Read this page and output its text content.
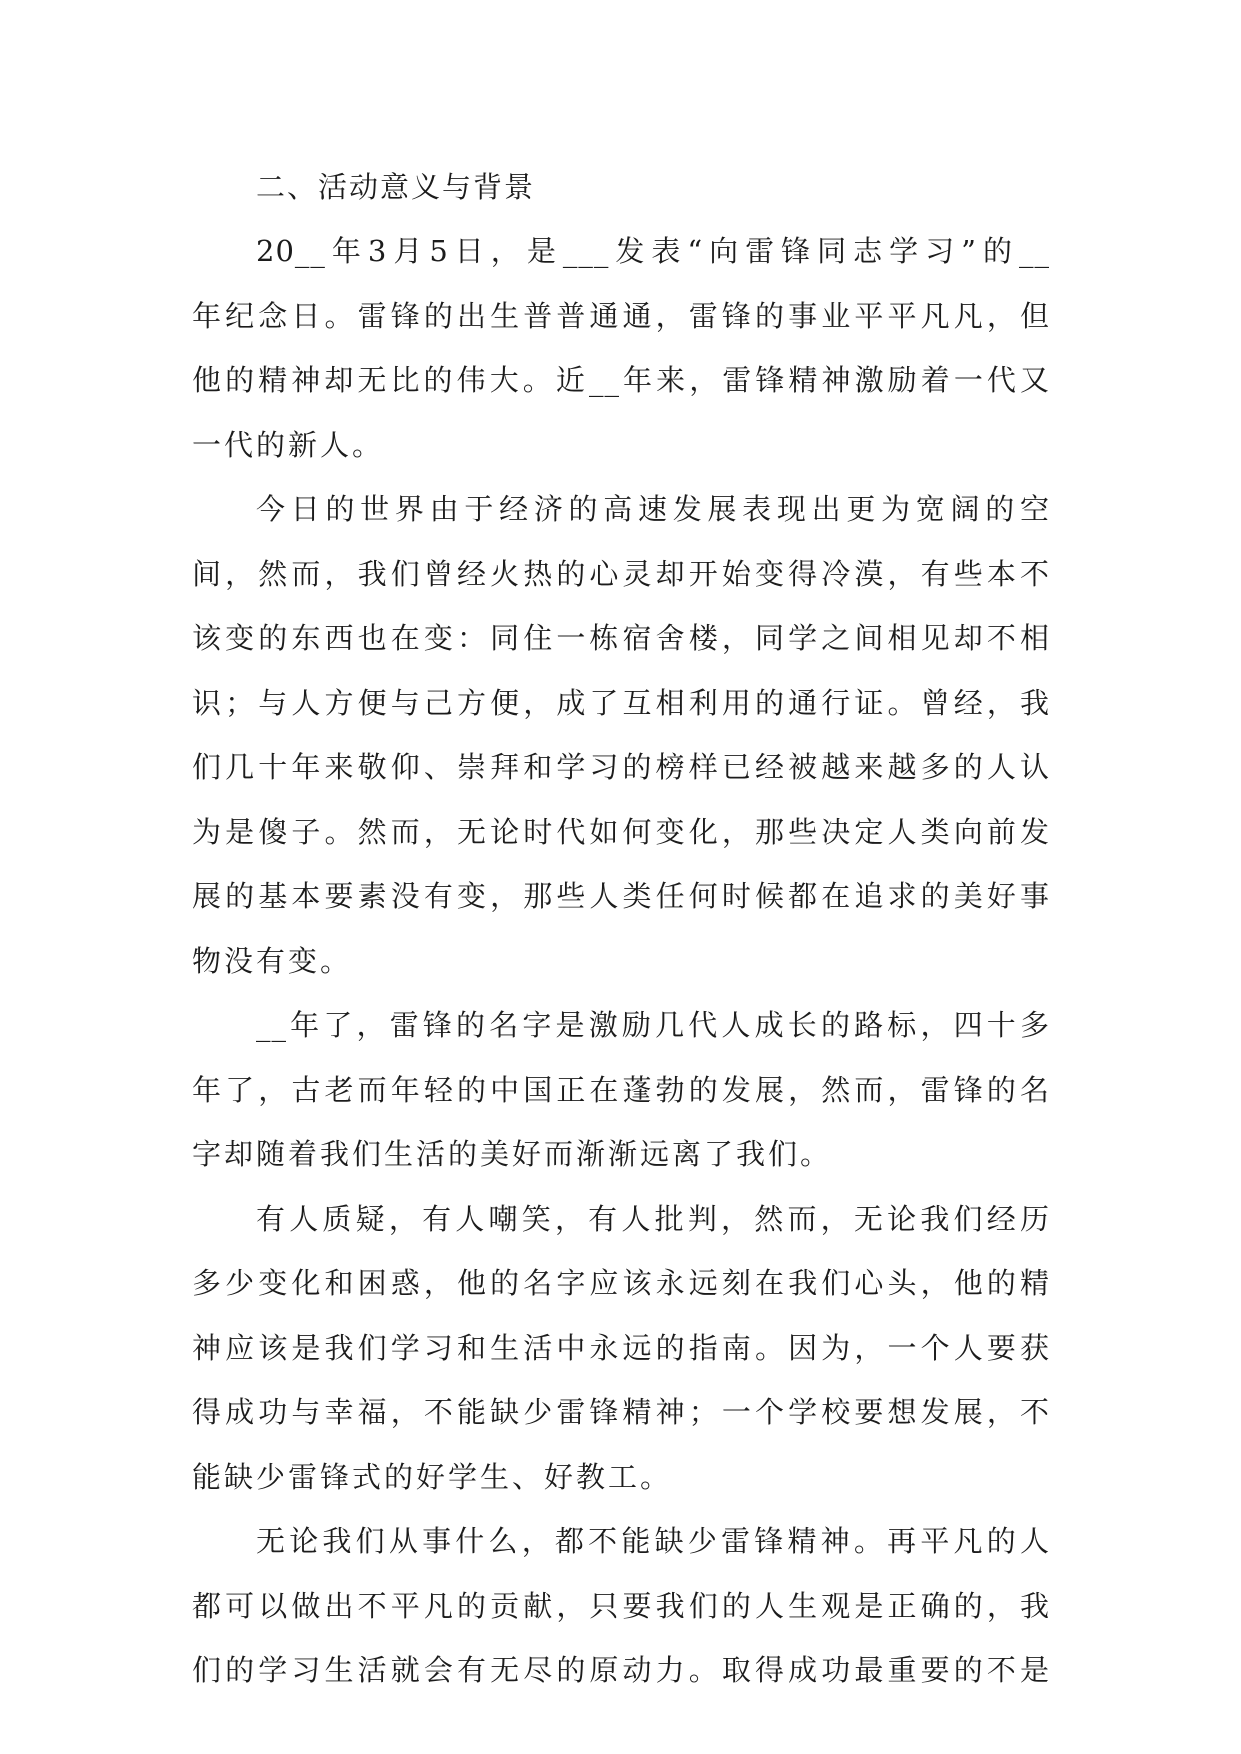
二、活动意义与背景

20__年3月5日，是___发表“向雷锋同志学习”的__
年纪念日。雷锋的出生普普通通，雷锋的事业平平凡凡，但
他的精神却无比的伟大。近__年来，雷锋精神激励着一代又
一代的新人。

今日的世界由于经济的高速发展表现出更为宽阔的空
间，然而，我们曾经火热的心灵却开始变得冷漠，有些本不
该变的东西也在变：同住一栋宿舍楼，同学之间相见却不相
识；与人方便与己方便，成了互相利用的通行证。曾经，我
们几十年来敬仰、崇拜和学习的榜样已经被越来越多的人认
为是傻子。然而，无论时代如何变化，那些决定人类向前发
展的基本要素没有变，那些人类任何时候都在追求的美好事
物没有变。

__年了，雷锋的名字是激励几代人成长的路标，四十多
年了，古老而年轻的中国正在蓬勃的发展，然而，雷锋的名
字却随着我们生活的美好而渐渐远离了我们。

有人质疑，有人嘲笑，有人批判，然而，无论我们经历
多少变化和困惑，他的名字应该永远刻在我们心头，他的精
神应该是我们学习和生活中永远的指南。因为，一个人要获
得成功与幸福，不能缺少雷锋精神；一个学校要想发展，不
能缺少雷锋式的好学生、好教工。

无论我们从事什么，都不能缺少雷锋精神。再平凡的人
都可以做出不平凡的贡献，只要我们的人生观是正确的，我
们的学习生活就会有无尽的原动力。取得成功最重要的不是
